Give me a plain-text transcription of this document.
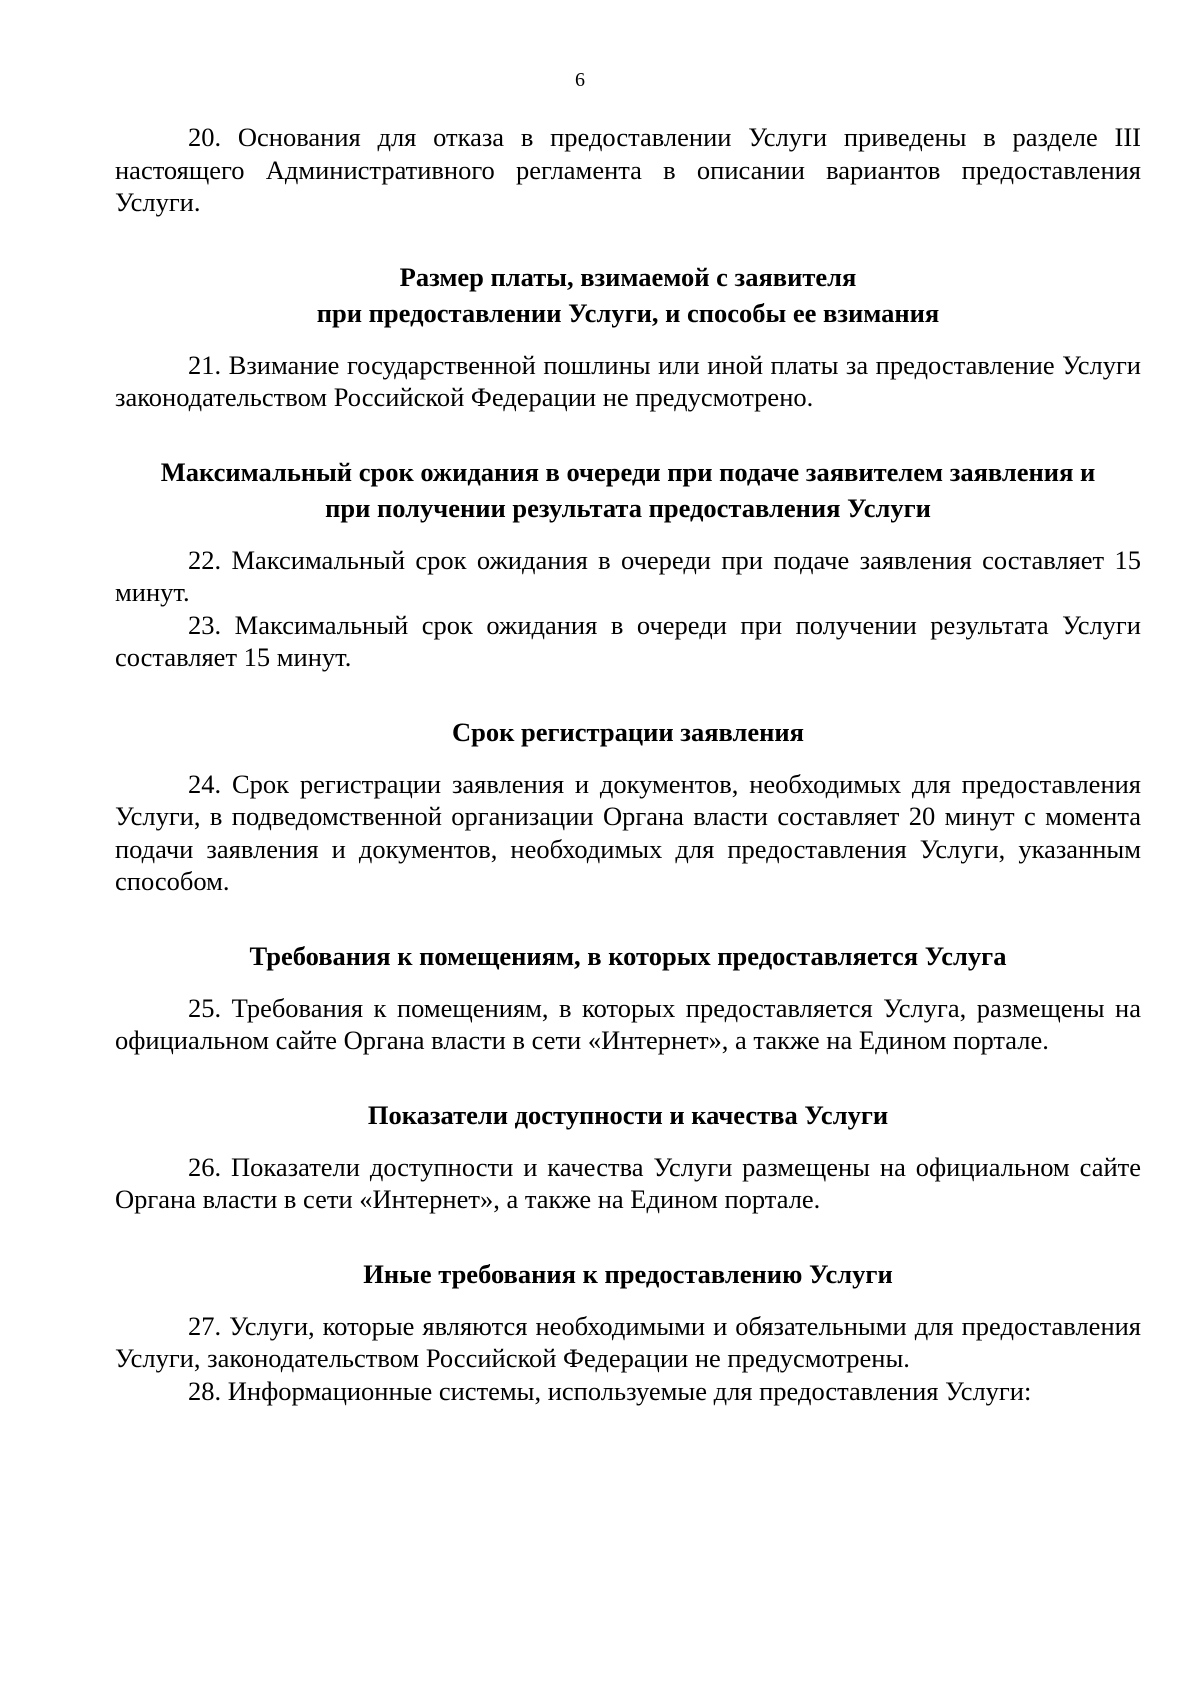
6

20. Основания для отказа в предоставлении Услуги приведены в разделе III настоящего Административного регламента в описании вариантов предоставления Услуги.

Размер платы, взимаемой с заявителя

при предоставлении Услуги, и способы ее взимания

21. Взимание государственной пошлины или иной платы за предоставление Услуги законодательством Российской Федерации не предусмотрено.

Максимальный срок ожидания в очереди при подаче заявителем заявления и

при получении результата предоставления Услуги

22. Максимальный срок ожидания в очереди при подаче заявления составляет 15 минут.

23. Максимальный срок ожидания в очереди при получении результата Услуги составляет 15 минут.

Срок регистрации заявления

24. Срок регистрации заявления и документов, необходимых для предоставления Услуги, в подведомственной организации Органа власти составляет 20 минут с момента подачи заявления и документов, необходимых для предоставления Услуги, указанным способом.

Требования к помещениям, в которых предоставляется Услуга

25. Требования к помещениям, в которых предоставляется Услуга, размещены на официальном сайте Органа власти в сети «Интернет», а также на Едином портале.

Показатели доступности и качества Услуги

26. Показатели доступности и качества Услуги размещены на официальном сайте Органа власти в сети «Интернет», а также на Едином портале.

Иные требования к предоставлению Услуги

27. Услуги, которые являются необходимыми и обязательными для предоставления Услуги, законодательством Российской Федерации не предусмотрены.

28. Информационные системы, используемые для предоставления Услуги:
